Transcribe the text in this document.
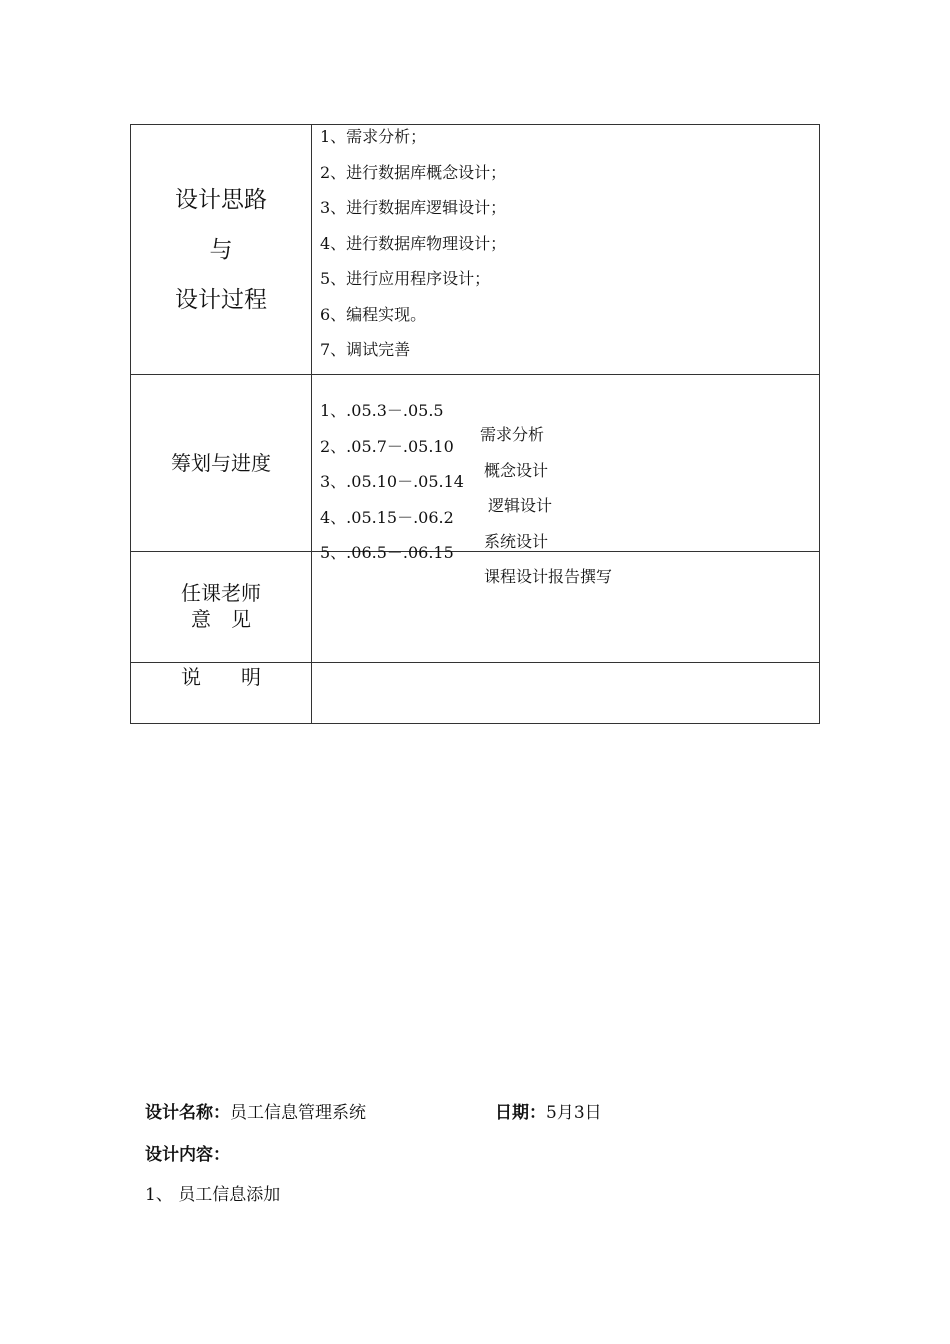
设计思路
与
设计过程
1、需求分析；
2、进行数据库概念设计；
3、进行数据库逻辑设计；
4、进行数据库物理设计；
5、进行应用程序设计；
6、编程实现。
7、调试完善
筹划与进度

1、.05.3－.05.5

需求分析

2、.05.7－.05.10

概念设计

3、.05.10－.05.14

逻辑设计

4、.05.15－.06.2

系统设计

5、.06.5－.06.15

课程设计报告撰写

任课老师
意　见
说　　明
设计名称：员工信息管理系统	日期：5月3日
设计内容：
1、 员工信息添加
